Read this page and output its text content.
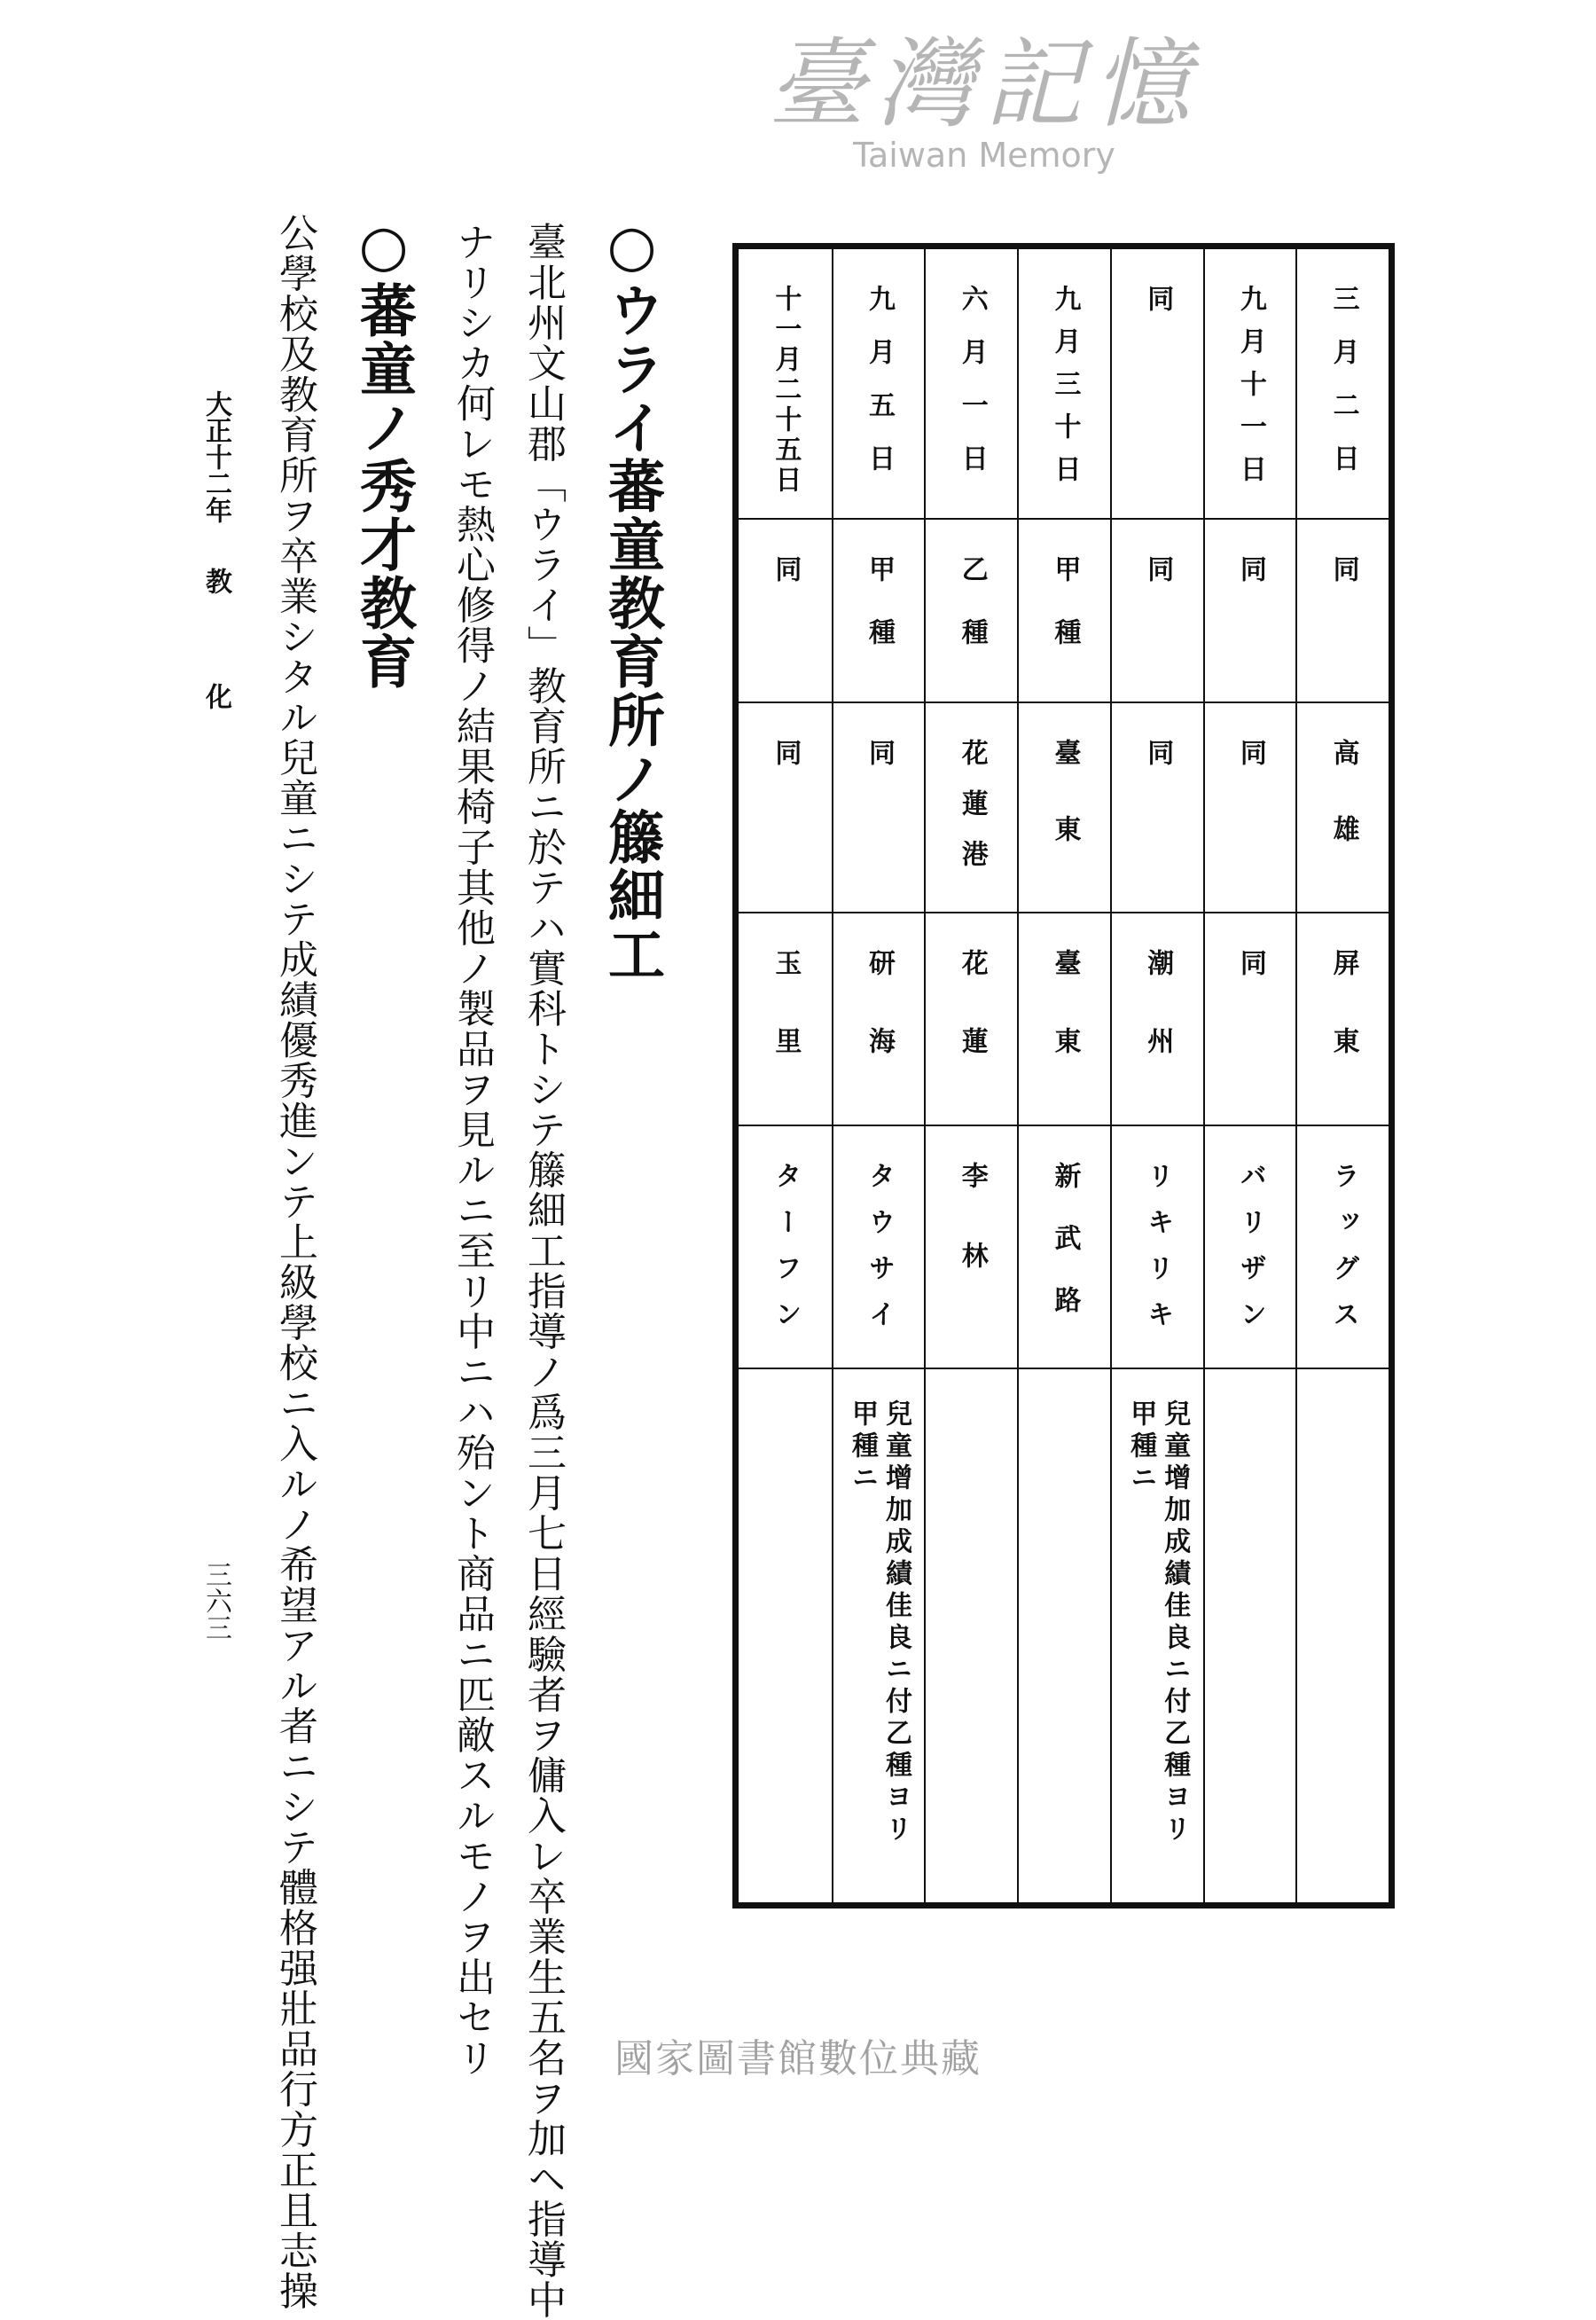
三月二日
同
高雄
屏東
ラッグス
九月十一日
同
同
同
バリザン
同
同
同
潮州
リキリキ
兒童增加成績佳良ニ付乙種ヨリ
甲種ニ
九月三十日
甲種
臺東
臺東
新武路
六月一日
乙種
花蓮港
花蓮
李林
九月五日
甲種
同
研海
タウサイ
兒童增加成績佳良ニ付乙種ヨリ
甲種ニ
十一月二十五日
同
同
玉里
ターフン
○ウライ蕃童教育所ノ籐細工
臺北州文山郡「ウライ」教育所ニ於テハ實科トシテ籐細工指導ノ爲三月七日經驗者ヲ傭入レ卒業生五名ヲ加ヘ指導中
ナリシカ何レモ熱心修得ノ結果椅子其他ノ製品ヲ見ルニ至リ中ニハ殆ント商品ニ匹敵スルモノヲ出セリ
○蕃童ノ秀才教育
公學校及教育所ヲ卒業シタル兒童ニシテ成績優秀進ンテ上級學校ニ入ルノ希望アル者ニシテ體格强壯品行方正且志操
大正十二年
教
化
三六三
臺灣記憶
Taiwan Memory
國家圖書館數位典藏
